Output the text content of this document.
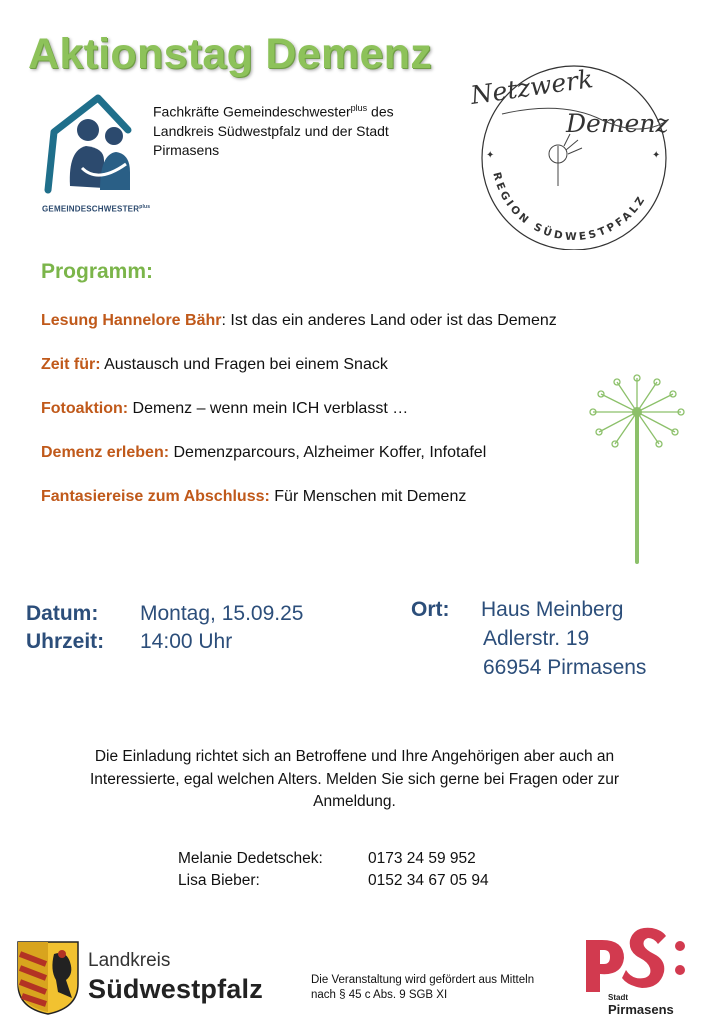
Aktionstag Demenz
$GEMEINDESCHWESTER^{plus}$
Fachkräfte Gemeindeschwester$^{plus}$ des Landkreis Südwestpfalz und der Stadt Pirmasens
Netzwerk
Demenz
REGION SÜDWESTPFALZ
✦	✦
Programm:
Lesung Hannelore Bähr: Ist das ein anderes Land oder ist das Demenz
Zeit für: Austausch und Fragen bei einem Snack
Fotoaktion: Demenz – wenn mein ICH verblasst …
Demenz erleben: Demenzparcours, Alzheimer Koffer, Infotafel
Fantasiereise zum Abschluss: Für Menschen mit Demenz
Datum: Montag, 15.09.25
Uhrzeit: 14:00 Uhr
Ort: Haus Meinberg
Adlerstr. 19
66954 Pirmasens
Die Einladung richtet sich an Betroffene und Ihre Angehörigen aber auch an Interessierte, egal welchen Alters. Melden Sie sich gerne bei Fragen oder zur Anmeldung.
Melanie Dedetschek:	0173 24 59 952
Lisa Bieber:	0152 34 67 05 94
Landkreis
Südwestpfalz	Die Veranstaltung wird gefördert aus Mitteln nach § 45 c Abs. 9 SGB XI	Stadt
Pirmasens
